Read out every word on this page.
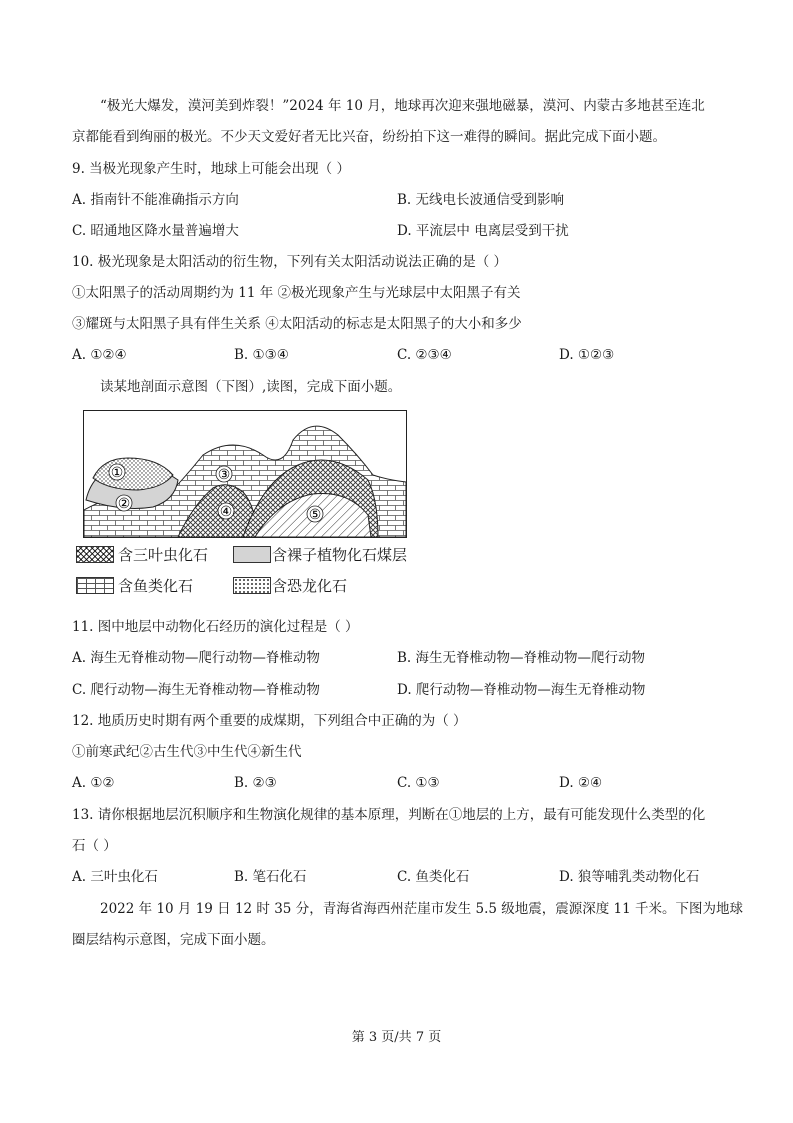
“极光大爆发，漠河美到炸裂！”2024 年 10 月，地球再次迎来强地磁暴，漠河、内蒙古多地甚至连北
京都能看到绚丽的极光。不少天文爱好者无比兴奋，纷纷拍下这一难得的瞬间。据此完成下面小题。
9. 当极光现象产生时，地球上可能会出现（ ）
A. 指南针不能准确指示方向	B. 无线电长波通信受到影响
C. 昭通地区降水量普遍增大	D. 平流层中 电离层受到干扰
10. 极光现象是太阳活动的衍生物，下列有关太阳活动说法正确的是（ ）
①太阳黑子的活动周期约为 11 年 ②极光现象产生与光球层中太阳黑子有关
③耀斑与太阳黑子具有伴生关系 ④太阳活动的标志是太阳黑子的大小和多少
A. ①②④	B. ①③④	C. ②③④	D. ①②③
读某地剖面示意图（下图）,读图，完成下面小题。
①
②
③
④	⑤
含三叶虫化石	含裸子植物化石煤层
含鱼类化石	含恐龙化石
11. 图中地层中动物化石经历的演化过程是（ ）
A. 海生无脊椎动物—爬行动物—脊椎动物	B. 海生无脊椎动物—脊椎动物—爬行动物
C. 爬行动物—海生无脊椎动物—脊椎动物	D. 爬行动物—脊椎动物—海生无脊椎动物
12. 地质历史时期有两个重要的成煤期，下列组合中正确的为（ ）
①前寒武纪②古生代③中生代④新生代
A. ①②	B. ②③	C. ①③	D. ②④
13. 请你根据地层沉积顺序和生物演化规律的基本原理，判断在①地层的上方，最有可能发现什么类型的化
石（ ）
A. 三叶虫化石	B. 笔石化石	C. 鱼类化石	D. 狼等哺乳类动物化石
2022 年 10 月 19 日 12 时 35 分，青海省海西州茫崖市发生 5.5 级地震，震源深度 11 千米。下图为地球
圈层结构示意图，完成下面小题。
第 3 页/共 7 页
